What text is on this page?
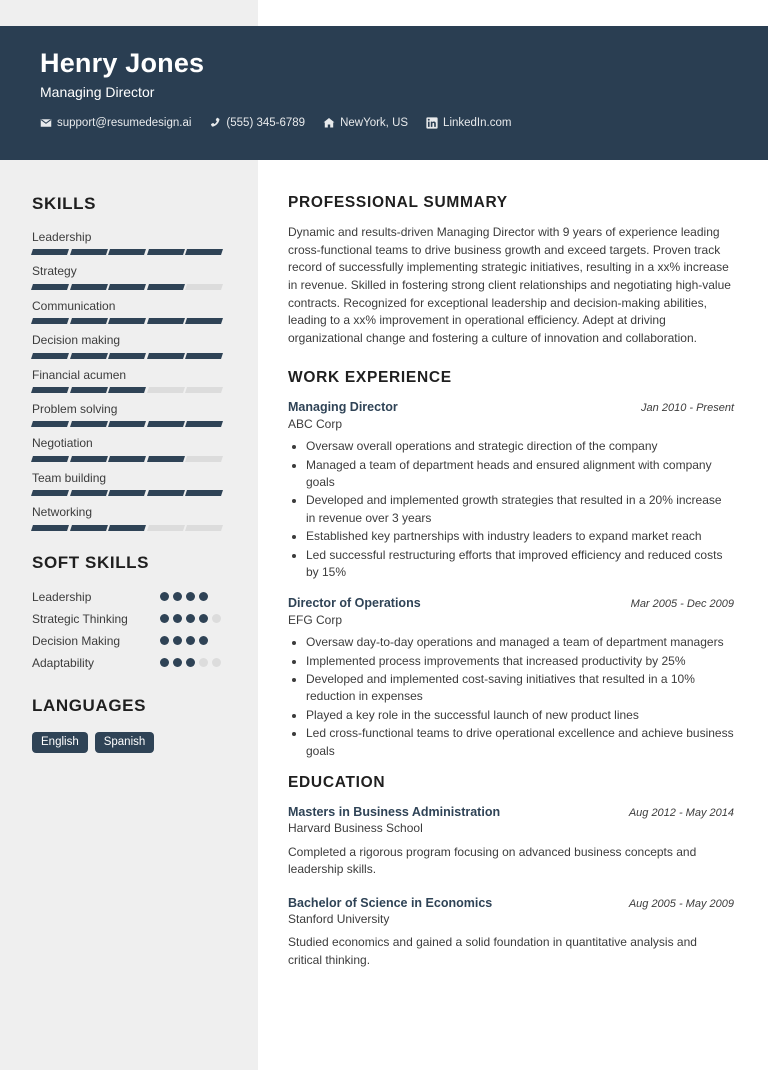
Henry Jones
Managing Director
support@resumedesign.ai	(555) 345-6789	NewYork, US	LinkedIn.com
SKILLS
Leadership
Strategy
Communication
Decision making
Financial acumen
Problem solving
Negotiation
Team building
Networking
SOFT SKILLS
Leadership
Strategic Thinking
Decision Making
Adaptability
LANGUAGES
English	Spanish
PROFESSIONAL SUMMARY

Dynamic and results-driven Managing Director with 9 years of experience leading cross-functional teams to drive business growth and exceed targets. Proven track record of successfully implementing strategic initiatives, resulting in a xx% increase in revenue. Skilled in fostering strong client relationships and negotiating high-value contracts. Recognized for exceptional leadership and decision-making abilities, leading to a xx% improvement in operational efficiency. Adept at driving organizational change and fostering a culture of innovation and collaboration.

WORK EXPERIENCE
Managing Director	Jan 2010 - Present
ABC Corp
• Oversaw overall operations and strategic direction of the company
• Managed a team of department heads and ensured alignment with company goals
• Developed and implemented growth strategies that resulted in a 20% increase in revenue over 3 years
• Established key partnerships with industry leaders to expand market reach
• Led successful restructuring efforts that improved efficiency and reduced costs by 15%
Director of Operations	Mar 2005 - Dec 2009
EFG Corp
• Oversaw day-to-day operations and managed a team of department managers
• Implemented process improvements that increased productivity by 25%
• Developed and implemented cost-saving initiatives that resulted in a 10% reduction in expenses
• Played a key role in the successful launch of new product lines
• Led cross-functional teams to drive operational excellence and achieve business goals
EDUCATION
Masters in Business Administration	Aug 2012 - May 2014
Harvard Business School

Completed a rigorous program focusing on advanced business concepts and leadership skills.

Bachelor of Science in Economics	Aug 2005 - May 2009
Stanford University

Studied economics and gained a solid foundation in quantitative analysis and critical thinking.
